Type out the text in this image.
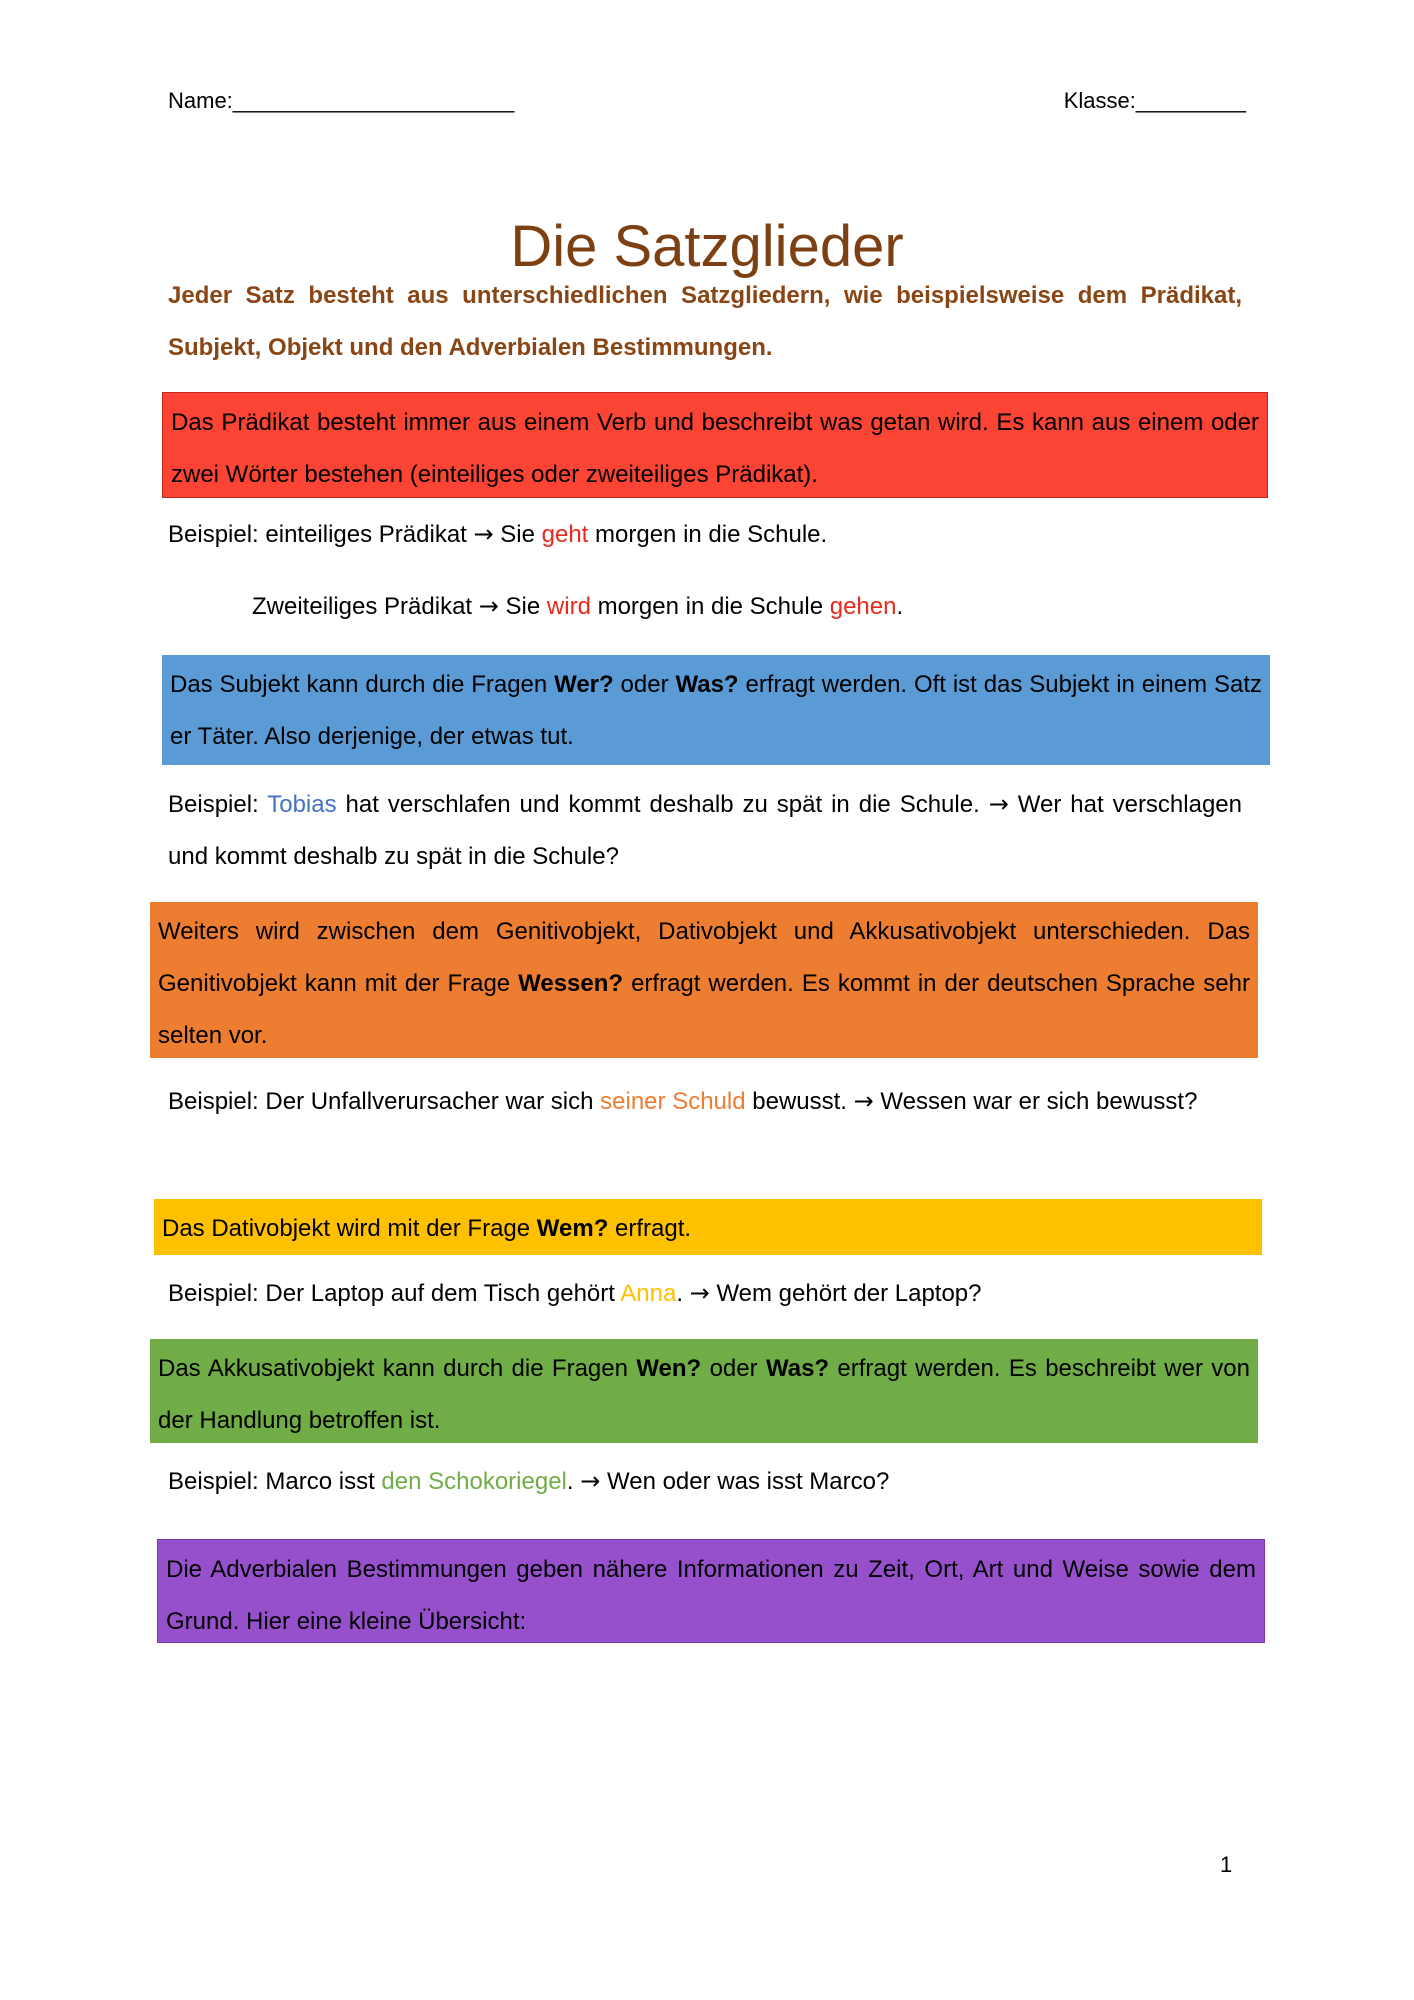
Name:_______________________	Klasse:_________
Die Satzglieder
Jeder Satz besteht aus unterschiedlichen Satzgliedern, wie beispielsweise dem Prädikat, Subjekt, Objekt und den Adverbialen Bestimmungen.
Das Prädikat besteht immer aus einem Verb und beschreibt was getan wird. Es kann aus einem oder zwei Wörter bestehen (einteiliges oder zweiteiliges Prädikat).
Beispiel: einteiliges Prädikat → Sie geht morgen in die Schule.
Zweiteiliges Prädikat → Sie wird morgen in die Schule gehen.
Das Subjekt kann durch die Fragen Wer? oder Was? erfragt werden. Oft ist das Subjekt in einem Satz er Täter. Also derjenige, der etwas tut.
Beispiel: Tobias hat verschlafen und kommt deshalb zu spät in die Schule. → Wer hat verschlagen und kommt deshalb zu spät in die Schule?
Weiters wird zwischen dem Genitivobjekt, Dativobjekt und Akkusativobjekt unterschieden. Das Genitivobjekt kann mit der Frage Wessen? erfragt werden. Es kommt in der deutschen Sprache sehr selten vor.
Beispiel: Der Unfallverursacher war sich seiner Schuld bewusst. → Wessen war er sich bewusst?
Das Dativobjekt wird mit der Frage Wem? erfragt.
Beispiel: Der Laptop auf dem Tisch gehört Anna. → Wem gehört der Laptop?
Das Akkusativobjekt kann durch die Fragen Wen? oder Was? erfragt werden. Es beschreibt wer von der Handlung betroffen ist.
Beispiel: Marco isst den Schokoriegel. → Wen oder was isst Marco?
Die Adverbialen Bestimmungen geben nähere Informationen zu Zeit, Ort, Art und Weise sowie dem Grund. Hier eine kleine Übersicht:
1
